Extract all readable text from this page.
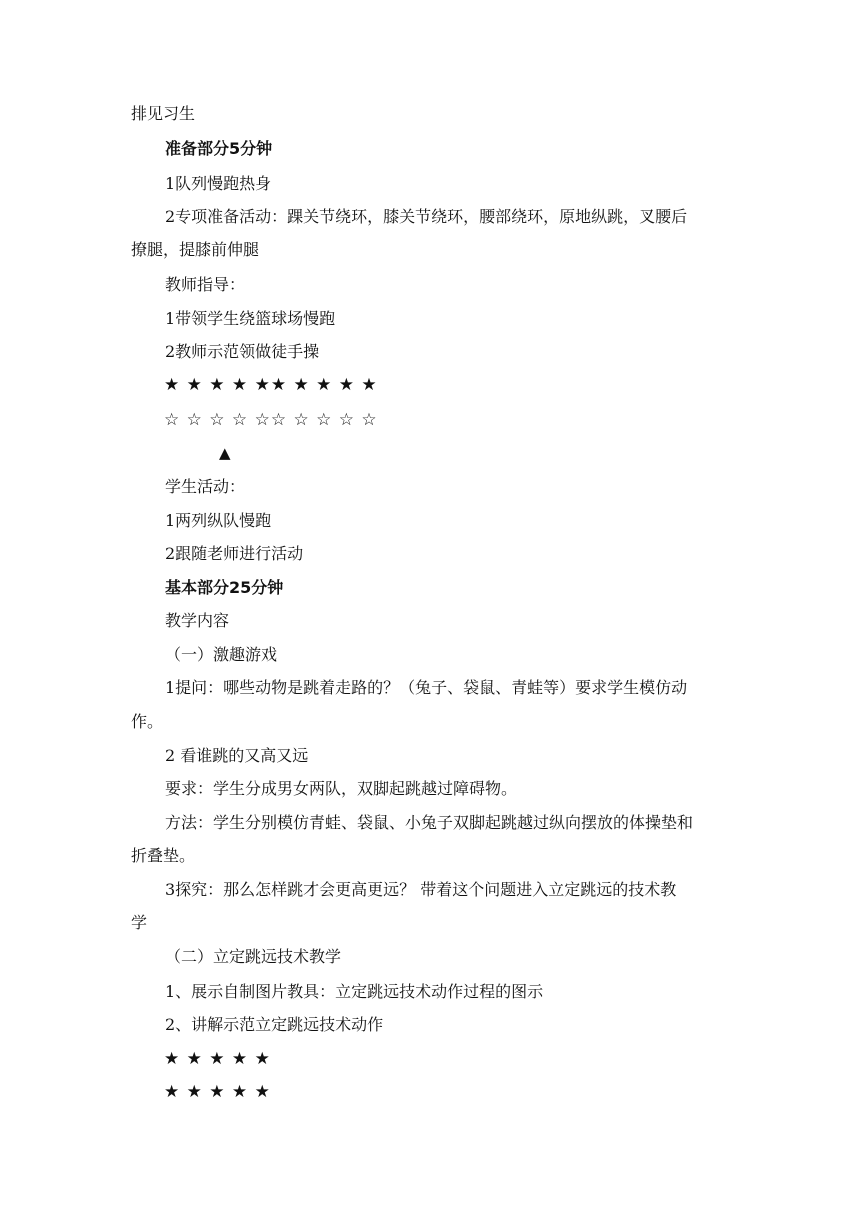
排见习生
准备部分5分钟
1队列慢跑热身
2专项准备活动：踝关节绕环，膝关节绕环，腰部绕环，原地纵跳，叉腰后
撩腿，提膝前伸腿
教师指导：
1带领学生绕篮球场慢跑
2教师示范领做徒手操
★ ★ ★ ★ ★★ ★ ★ ★ ★
☆ ☆ ☆ ☆ ☆☆ ☆ ☆ ☆ ☆
▲
学生活动：
1两列纵队慢跑
2跟随老师进行活动
基本部分25分钟
教学内容
（一）激趣游戏
1提问：哪些动物是跳着走路的？（兔子、袋鼠、青蛙等）要求学生模仿动
作。
2 看谁跳的又高又远
要求：学生分成男女两队，双脚起跳越过障碍物。
方法：学生分别模仿青蛙、袋鼠、小兔子双脚起跳越过纵向摆放的体操垫和
折叠垫。
3探究：那么怎样跳才会更高更远？ 带着这个问题进入立定跳远的技术教
学
（二）立定跳远技术教学
1、展示自制图片教具：立定跳远技术动作过程的图示
2、讲解示范立定跳远技术动作
★ ★ ★ ★ ★
★ ★ ★ ★ ★
